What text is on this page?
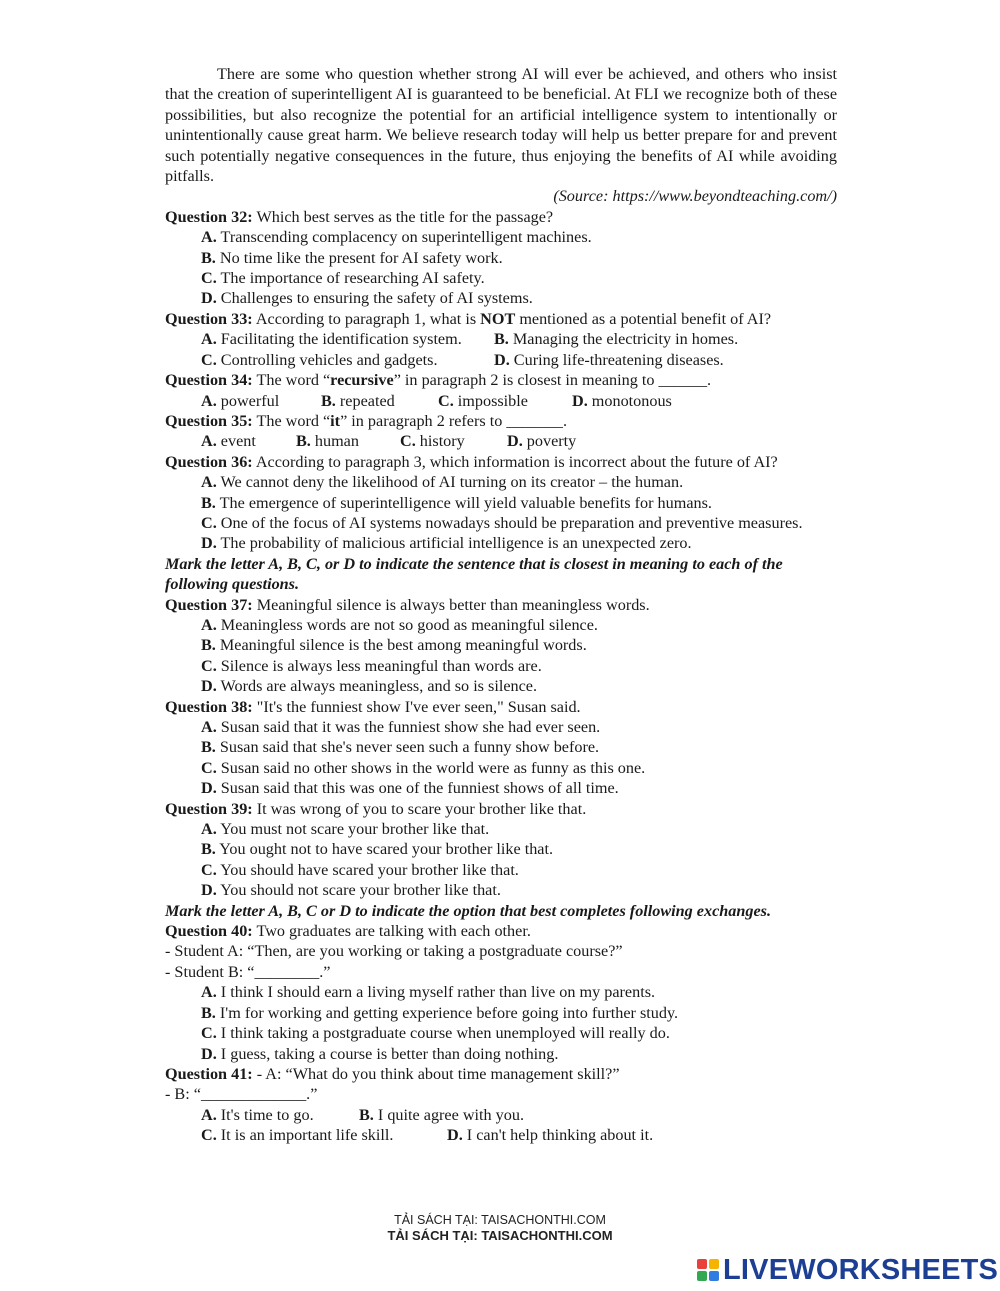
There are some who question whether strong AI will ever be achieved, and others who insist that the creation of superintelligent AI is guaranteed to be beneficial. At FLI we recognize both of these possibilities, but also recognize the potential for an artificial intelligence system to intentionally or unintentionally cause great harm. We believe research today will help us better prepare for and prevent such potentially negative consequences in the future, thus enjoying the benefits of AI while avoiding pitfalls.

(Source: https://www.beyondteaching.com/)

Question 32: Which best serves as the title for the passage?

A. Transcending complacency on superintelligent machines.

B. No time like the present for AI safety work.

C. The importance of researching AI safety.

D. Challenges to ensuring the safety of AI systems.

Question 33: According to paragraph 1, what is NOT mentioned as a potential benefit of AI?

A. Facilitating the identification system. B. Managing the electricity in homes.

C. Controlling vehicles and gadgets.	D. Curing life-threatening diseases.

Question 34: The word “recursive” in paragraph 2 is closest in meaning to ______.

A. powerful	B. repeated	C. impossible	D. monotonous

Question 35: The word “it” in paragraph 2 refers to _______.

A. event B. human	C. history	D. poverty

Question 36: According to paragraph 3, which information is incorrect about the future of AI?

A. We cannot deny the likelihood of AI turning on its creator – the human.

B. The emergence of superintelligence will yield valuable benefits for humans.

C. One of the focus of AI systems nowadays should be preparation and preventive measures.

D. The probability of malicious artificial intelligence is an unexpected zero.

Mark the letter A, B, C, or D to indicate the sentence that is closest in meaning to each of the following questions.

Question 37: Meaningful silence is always better than meaningless words.

A. Meaningless words are not so good as meaningful silence.

B. Meaningful silence is the best among meaningful words.

C. Silence is always less meaningful than words are.

D. Words are always meaningless, and so is silence.

Question 38: "It's the funniest show I've ever seen," Susan said.

A. Susan said that it was the funniest show she had ever seen.

B. Susan said that she's never seen such a funny show before.

C. Susan said no other shows in the world were as funny as this one.

D. Susan said that this was one of the funniest shows of all time.

Question 39: It was wrong of you to scare your brother like that.

A. You must not scare your brother like that.

B. You ought not to have scared your brother like that.

C. You should have scared your brother like that.

D. You should not scare your brother like that.

Mark the letter A, B, C or D to indicate the option that best completes following exchanges.

Question 40: Two graduates are talking with each other.

- Student A: “Then, are you working or taking a postgraduate course?”

- Student B: “________.”

A. I think I should earn a living myself rather than live on my parents.

B. I'm for working and getting experience before going into further study.

C. I think taking a postgraduate course when unemployed will really do.

D. I guess, taking a course is better than doing nothing.

Question 41: - A: “What do you think about time management skill?”

- B: “_____________.”

A. It's time to go.	B. I quite agree with you.

C. It is an important life skill.	D. I can't help thinking about it.

TẢI SÁCH TẠI: TAISACHONTHI.COM
TẢI SÁCH TẠI: TAISACHONTHI.COM
LIVEWORKSHEETS
